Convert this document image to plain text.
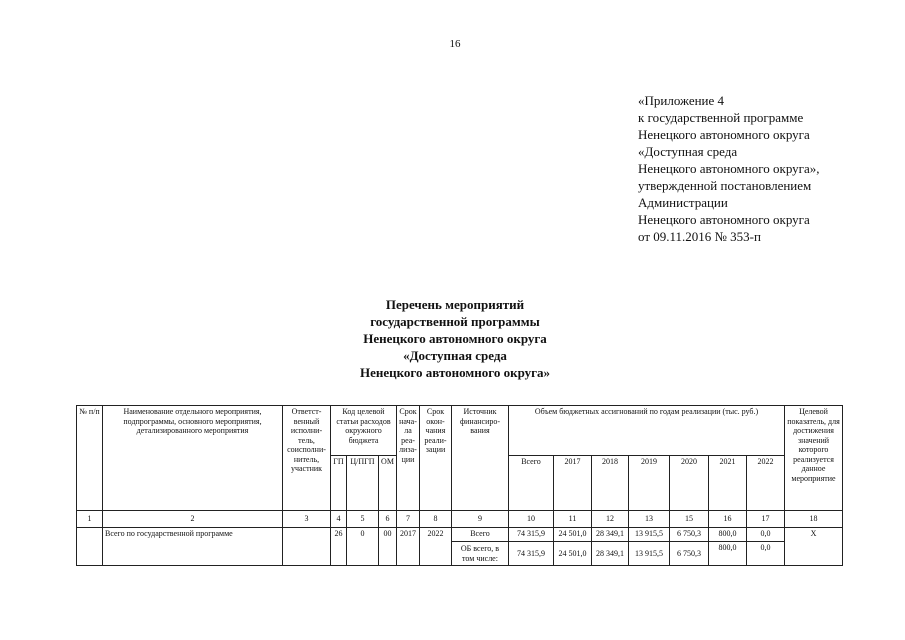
16
«Приложение 4
к государственной программе
Ненецкого автономного округа
«Доступная среда
Ненецкого автономного округа»,
утвержденной постановлением
Администрации
Ненецкого автономного округа
от 09.11.2016 № 353-п
Перечень мероприятий
государственной программы
Ненецкого автономного округа
«Доступная среда
Ненецкого автономного округа»
№ п/п	Наименование отдельного мероприятия, подпрограммы, основного мероприятия, детализированного мероприятия	Ответст-венный исполни-тель, соисполни-нитель, участник	Код целевой статьи расходов окружного бюджета			Срок нача-ла реа-лиза-ции	Срок окон-чания реали-зации	Источник финансиро-вания	Объем бюджетных ассигнований по годам реализации (тыс. руб.)							Целевой показатель, для достижения значений которого реализуется данное мероприятие
			ГП	Ц/ПГП	ОМ				Всего	2017	2018	2019	2020	2021	2022	
1	2	3	4	5	6	7	8	9	10	11	12	13	15	16	17	18
	Всего по государственной программе		26	0	00	2017	2022	Всего	74 315,9	24 501,0	28 349,1	13 915,5	6 750,3	800,0	0,0	Х
								ОБ всего, в том числе:	74 315,9	24 501,0	28 349,1	13 915,5	6 750,3	800,0	0,0	
